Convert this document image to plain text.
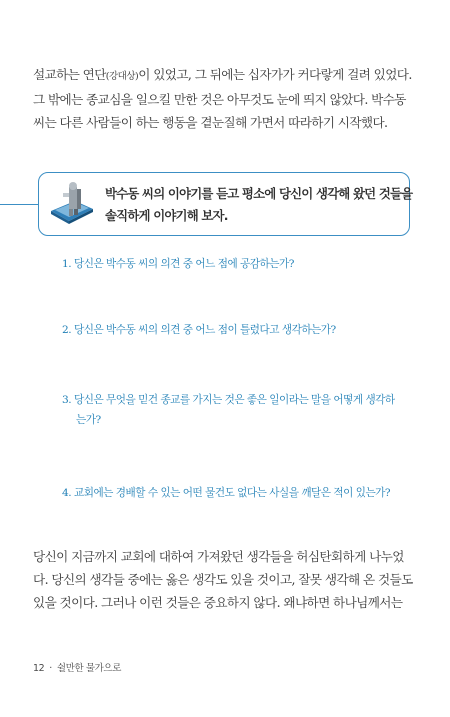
설교하는 연단(강대상)이 있었고, 그 뒤에는 십자가가 커다랗게 걸려 있었다.
그 밖에는 종교심을 일으킬 만한 것은 아무것도 눈에 띄지 않았다. 박수동
씨는 다른 사람들이 하는 행동을 곁눈질해 가면서 따라하기 시작했다.
박수동 씨의 이야기를 듣고 평소에 당신이 생각해 왔던 것들을
솔직하게 이야기해 보자.
1. 당신은 박수동 씨의 의견 중 어느 점에 공감하는가?
2. 당신은 박수동 씨의 의견 중 어느 점이 틀렸다고 생각하는가?
3. 당신은 무엇을 믿건 종교를 가지는 것은 좋은 일이라는 말을 어떻게 생각하
는가?
4. 교회에는 경배할 수 있는 어떤 물건도 없다는 사실을 깨달은 적이 있는가?
당신이 지금까지 교회에 대하여 가져왔던 생각들을 허심탄회하게 나누었
다. 당신의 생각들 중에는 옳은 생각도 있을 것이고, 잘못 생각해 온 것들도
있을 것이다. 그러나 이런 것들은 중요하지 않다. 왜냐하면 하나님께서는
12 · 쉴만한 물가으로
